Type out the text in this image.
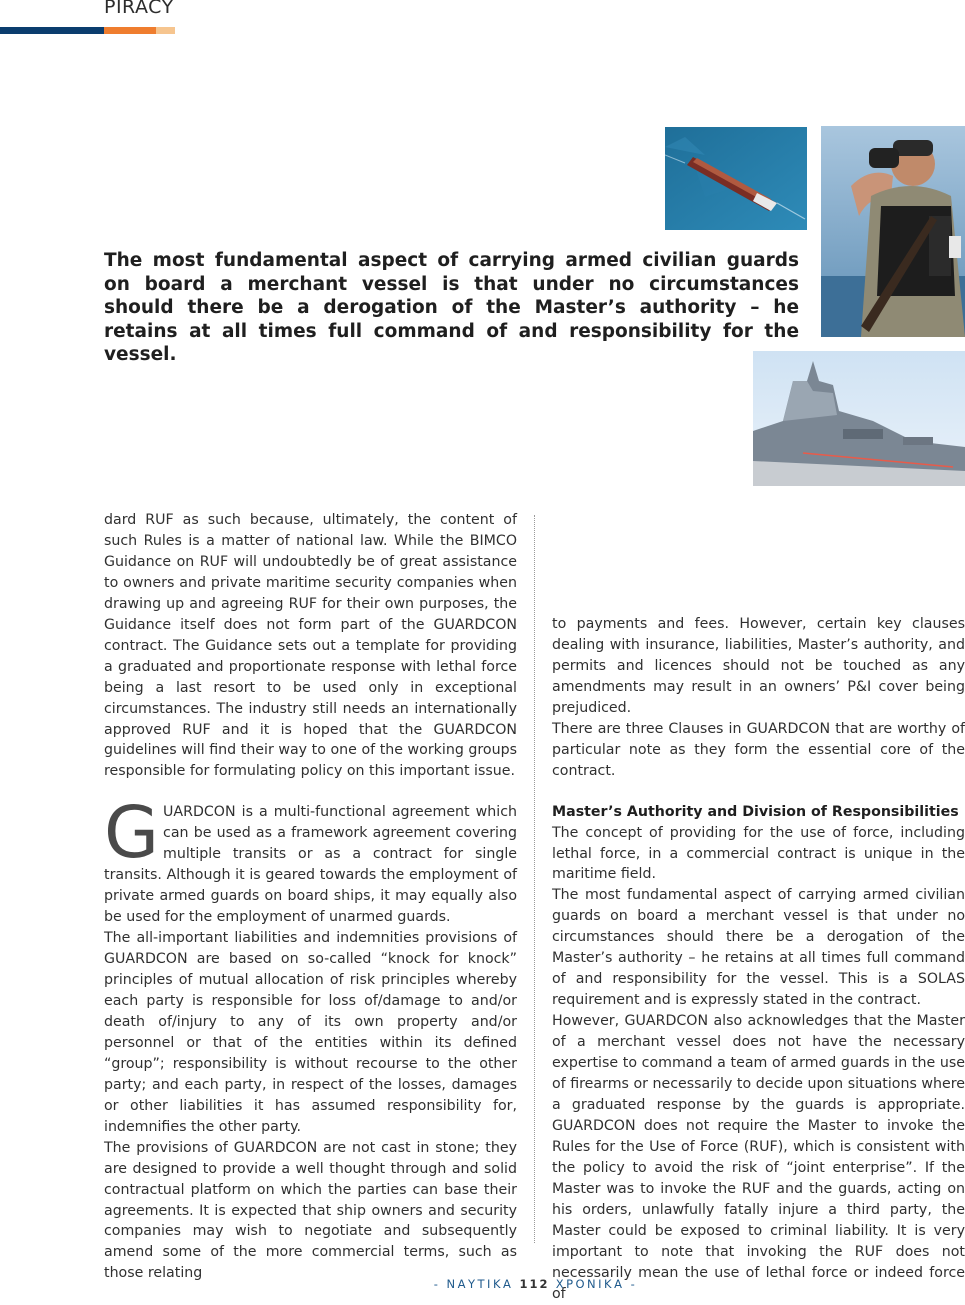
PIRACY

The most fundamental aspect of carrying armed civilian guards on board a merchant vessel is that under no circumstances should there be a derogation of the Master’s authority – he retains at all times full command of and responsibility for the vessel.

dard RUF as such because, ultimately, the content of such Rules is a matter of national law. While the BIMCO Guidance on RUF will undoubtedly be of great assistance to owners and private maritime security companies when drawing up and agreeing RUF for their own purposes, the Guidance itself does not form part of the GUARDCON contract. The Guidance sets out a template for providing a graduated and proportionate response with lethal force being a last resort to be used only in exceptional circumstances. The industry still needs an internationally approved RUF and it is hoped that the GUARDCON guidelines will find their way to one of the working groups responsible for formulating policy on this important issue.

GUARDCON is a multi-functional agreement which can be used as a framework agreement covering multiple transits or as a contract for single transits. Although it is geared towards the employment of private armed guards on board ships, it may equally also be used for the employment of unarmed guards.

The all-important liabilities and indemnities provisions of GUARDCON are based on so-called “knock for knock” principles of mutual allocation of risk principles whereby each party is responsible for loss of/damage to and/or death of/injury to any of its own property and/or personnel or that of the entities within its defined “group”; responsibility is without recourse to the other party; and each party, in respect of the losses, damages or other liabilities it has assumed responsibility for, indemnifies the other party.

The provisions of GUARDCON are not cast in stone; they are designed to provide a well thought through and solid contractual platform on which the parties can base their agreements. It is expected that ship owners and security companies may wish to negotiate and subsequently amend some of the more commercial terms, such as those relating

to payments and fees. However, certain key clauses dealing with insurance, liabilities, Master’s authority, and permits and licences should not be touched as any amendments may result in an owners’ P&I cover being prejudiced.

There are three Clauses in GUARDCON that are worthy of particular note as they form the essential core of the contract.

Master’s Authority and Division of Responsibilities

The concept of providing for the use of force, including lethal force, in a commercial contract is unique in the maritime field.

The most fundamental aspect of carrying armed civilian guards on board a merchant vessel is that under no circumstances should there be a derogation of the Master’s authority – he retains at all times full command of and responsibility for the vessel. This is a SOLAS requirement and is expressly stated in the contract.

However, GUARDCON also acknowledges that the Master of a merchant vessel does not have the necessary expertise to command a team of armed guards in the use of firearms or necessarily to decide upon situations where a graduated response by the guards is appropriate. GUARDCON does not require the Master to invoke the Rules for the Use of Force (RUF), which is consistent with the policy to avoid the risk of “joint enterprise”. If the Master was to invoke the RUF and the guards, acting on his orders, unlawfully fatally injure a third party, the Master could be exposed to criminal liability. It is very important to note that invoking the RUF does not necessarily mean the use of lethal force or indeed force of

- ΝΑΥΤΙΚΑ 112 ΧΡΟΝΙΚΑ -
